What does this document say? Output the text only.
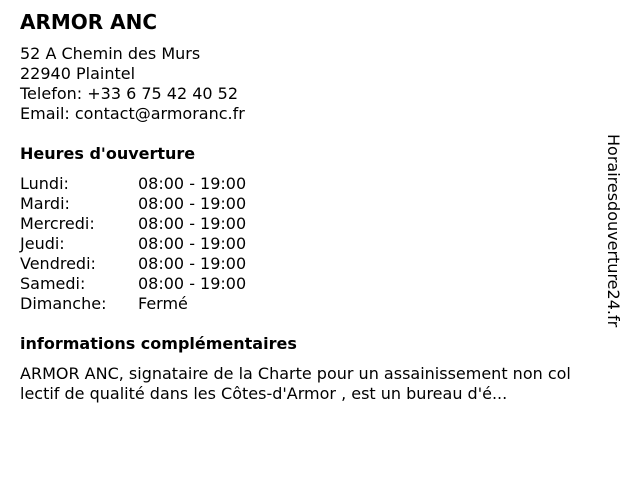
ARMOR ANC
52 A Chemin des Murs
22940 Plaintel
Telefon: +33 6 75 42 40 52
Email: contact@armoranc.fr
Heures d'ouverture
Lundi:	08:00 - 19:00
Mardi:	08:00 - 19:00
Mercredi:	08:00 - 19:00
Jeudi:	08:00 - 19:00
Vendredi:	08:00 - 19:00
Samedi:	08:00 - 19:00
Dimanche: Fermé
informations complémentaires

ARMOR ANC, signataire de la Charte pour un assainissement non col
lectif de qualité dans les Côtes-d'Armor , est un bureau d'é...

Horairesdouverture24.fr
